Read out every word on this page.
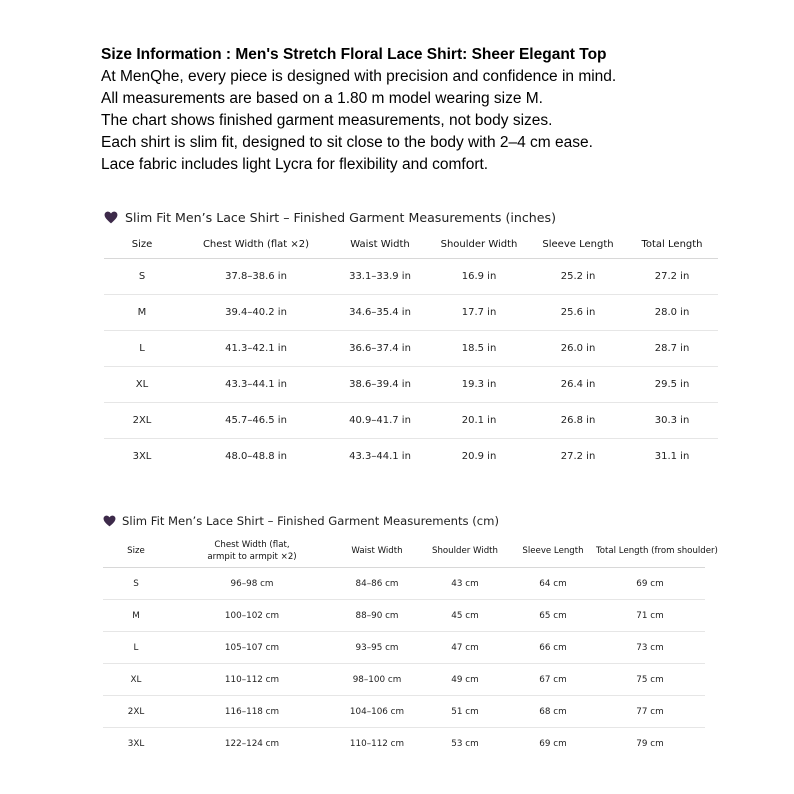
Size Information : Men's Stretch Floral Lace Shirt: Sheer Elegant Top

At MenQhe, every piece is designed with precision and confidence in mind.

All measurements are based on a 1.80 m model wearing size M.

The chart shows finished garment measurements, not body sizes.

Each shirt is slim fit, designed to sit close to the body with 2–4 cm ease.

Lace fabric includes light Lycra for flexibility and comfort.

Slim Fit Men’s Lace Shirt – Finished Garment Measurements (inches)
Size	Chest Width (flat ×2)	Waist Width	Shoulder Width	Sleeve Length	Total Length
S	37.8–38.6 in	33.1–33.9 in	16.9 in	25.2 in	27.2 in
M	39.4–40.2 in	34.6–35.4 in	17.7 in	25.6 in	28.0 in
L	41.3–42.1 in	36.6–37.4 in	18.5 in	26.0 in	28.7 in
XL	43.3–44.1 in	38.6–39.4 in	19.3 in	26.4 in	29.5 in
2XL	45.7–46.5 in	40.9–41.7 in	20.1 in	26.8 in	30.3 in
3XL	48.0–48.8 in	43.3–44.1 in	20.9 in	27.2 in	31.1 in
Slim Fit Men’s Lace Shirt – Finished Garment Measurements (cm)
Size	Chest Width (flat, armpit to armpit ×2)	Waist Width	Shoulder Width	Sleeve Length	Total Length (from shoulder)
S	96–98 cm	84–86 cm	43 cm	64 cm	69 cm
M	100–102 cm	88–90 cm	45 cm	65 cm	71 cm
L	105–107 cm	93–95 cm	47 cm	66 cm	73 cm
XL	110–112 cm	98–100 cm	49 cm	67 cm	75 cm
2XL	116–118 cm	104–106 cm	51 cm	68 cm	77 cm
3XL	122–124 cm	110–112 cm	53 cm	69 cm	79 cm
